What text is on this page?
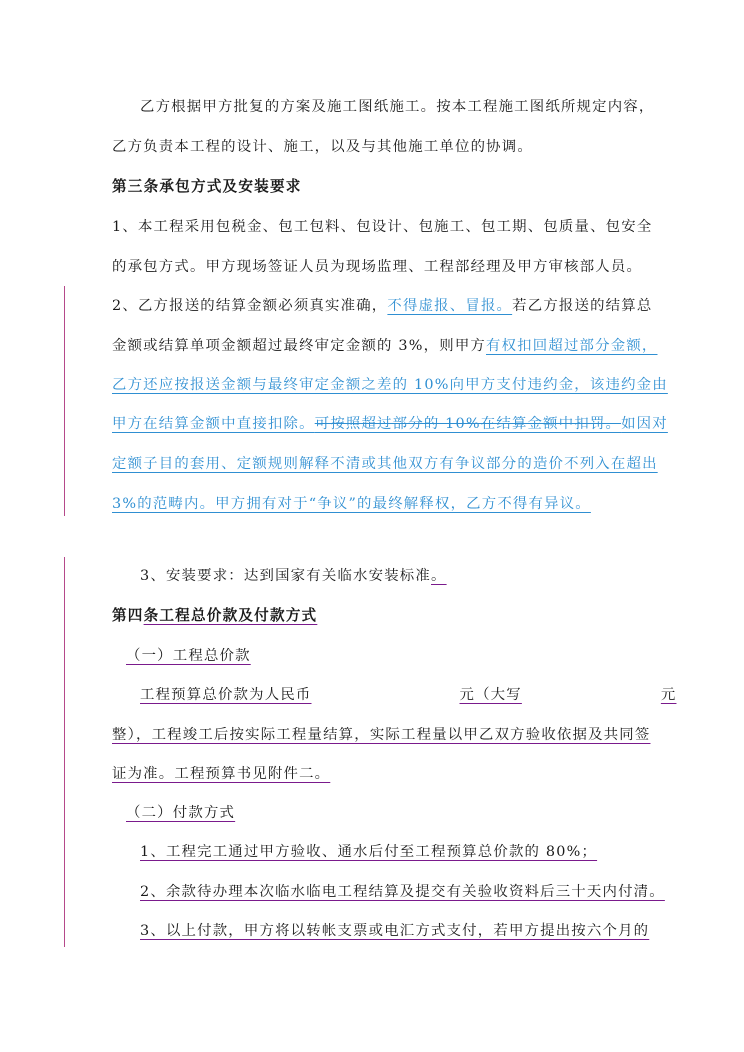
乙方根据甲方批复的方案及施工图纸施工。按本工程施工图纸所规定内容，
乙方负责本工程的设计、施工，以及与其他施工单位的协调。
第三条承包方式及安装要求
1、本工程采用包税金、包工包料、包设计、包施工、包工期、包质量、包安全
的承包方式。甲方现场签证人员为现场监理、工程部经理及甲方审核部人员。
2、乙方报送的结算金额必须真实准确，不得虚报、冒报。若乙方报送的结算总
金额或结算单项金额超过最终审定金额的 3%，则甲方有权扣回超过部分金额，
乙方还应按报送金额与最终审定金额之差的 10%向甲方支付违约金，该违约金由
甲方在结算金额中直接扣除。可按照超过部分的 10%在结算金额中扣罚。如因对
定额子目的套用、定额规则解释不清或其他双方有争议部分的造价不列入在超出
3%的范畴内。甲方拥有对于“争议”的最终解释权，乙方不得有异议。
3、安装要求：达到国家有关临水安装标准。
第四条工程总价款及付款方式
（一）工程总价款
工程预算总价款为人民币	元（大写	元
整），工程竣工后按实际工程量结算，实际工程量以甲乙双方验收依据及共同签
证为准。工程预算书见附件二。
（二）付款方式
1、工程完工通过甲方验收、通水后付至工程预算总价款的 80%；
2、余款待办理本次临水临电工程结算及提交有关验收资料后三十天内付清。
3、以上付款，甲方将以转帐支票或电汇方式支付，若甲方提出按六个月的
